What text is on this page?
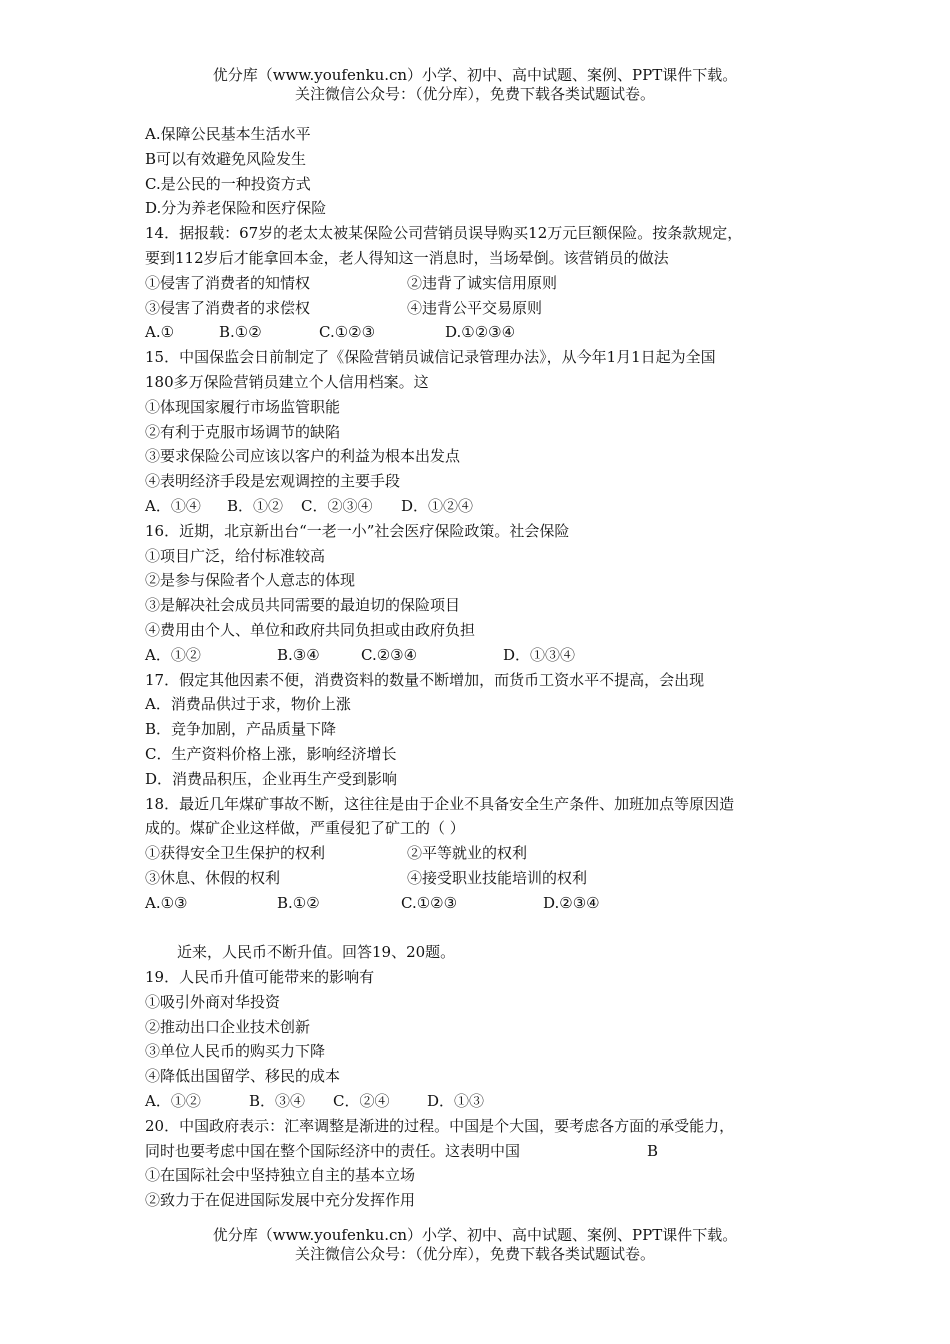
优分库（www.youfenku.cn）小学、初中、高中试题、案例、PPT课件下载。
关注微信公众号：（优分库），免费下载各类试题试卷。
A.保障公民基本生活水平
B可以有效避免风险发生
C.是公民的一种投资方式
D.分为养老保险和医疗保险
14．据报载：67岁的老太太被某保险公司营销员误导购买12万元巨额保险。按条款规定，
要到112岁后才能拿回本金，老人得知这一消息时，当场晕倒。该营销员的做法
①侵害了消费者的知情权	②违背了诚实信用原则
③侵害了消费者的求偿权	④违背公平交易原则
A.①	B.①②	C.①②③	D.①②③④
15．中国保监会日前制定了《保险营销员诚信记录管理办法》，从今年1月1日起为全国
180多万保险营销员建立个人信用档案。这
①体现国家履行市场监管职能
②有利于克服市场调节的缺陷
③要求保险公司应该以客户的利益为根本出发点
④表明经济手段是宏观调控的主要手段
A．①④	B．①②	C．②③④	D．①②④
16．近期，北京新出台“一老一小”社会医疗保险政策。社会保险
①项目广泛，给付标准较高
②是参与保险者个人意志的体现
③是解决社会成员共同需要的最迫切的保险项目
④费用由个人、单位和政府共同负担或由政府负担
A．①②	B.③④	C.②③④	D．①③④
17．假定其他因素不便，消费资料的数量不断增加，而货币工资水平不提高，会出现
A．消费品供过于求，物价上涨
B．竞争加剧，产品质量下降
C．生产资料价格上涨，影响经济增长
D．消费品积压，企业再生产受到影响
18．最近几年煤矿事故不断，这往往是由于企业不具备安全生产条件、加班加点等原因造
成的。煤矿企业这样做，严重侵犯了矿工的（ ）
①获得安全卫生保护的权利	②平等就业的权利
③休息、休假的权利	④接受职业技能培训的权利
A.①③	B.①②	C.①②③	D.②③④
近来，人民币不断升值。回答19、20题。
19．人民币升值可能带来的影响有
①吸引外商对华投资
②推动出口企业技术创新
③单位人民币的购买力下降
④降低出国留学、移民的成本
A．①②	B．③④	C．②④	D．①③
20．中国政府表示：汇率调整是渐进的过程。中国是个大国，要考虑各方面的承受能力，
同时也要考虑中国在整个国际经济中的责任。这表明中国	B
①在国际社会中坚持独立自主的基本立场
②致力于在促进国际发展中充分发挥作用
优分库（www.youfenku.cn）小学、初中、高中试题、案例、PPT课件下载。
关注微信公众号：（优分库），免费下载各类试题试卷。
